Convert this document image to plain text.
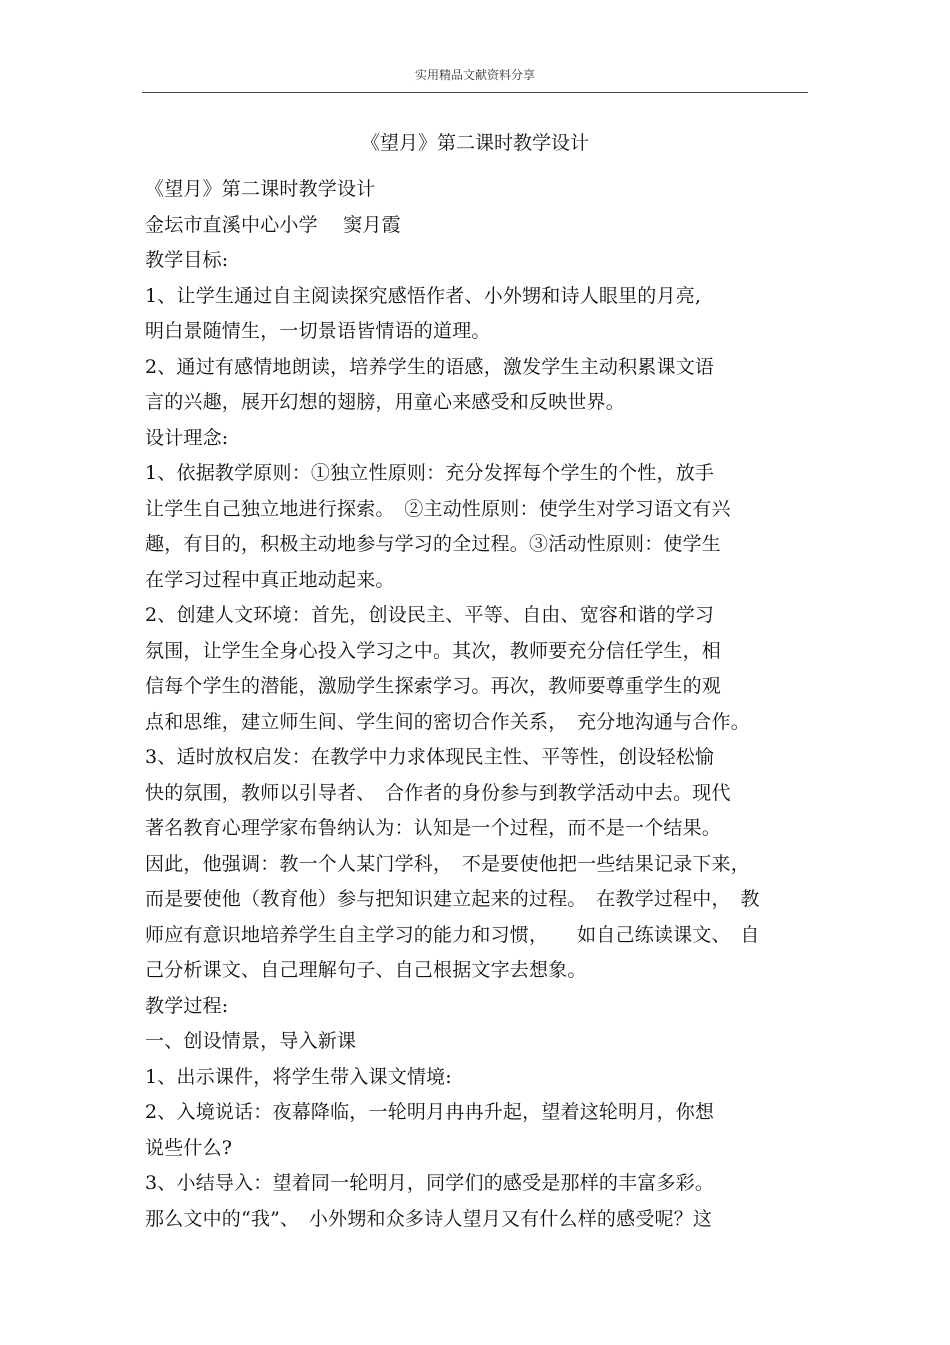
实用精品文献资料分享
《望月》第二课时教学设计
《望月》第二课时教学设计
金坛市直溪中心小学　 窦月霞
教学目标:
1、让学生通过自主阅读探究感悟作者、小外甥和诗人眼里的月亮,
明白景随情生，一切景语皆情语的道理。
2、通过有感情地朗读，培养学生的语感，激发学生主动积累课文语
言的兴趣，展开幻想的翅膀，用童心来感受和反映世界。
设计理念:
1、依据教学原则：①独立性原则：充分发挥每个学生的个性，放手
让学生自己独立地进行探索。　②主动性原则：使学生对学习语文有兴
趣，有目的，积极主动地参与学习的全过程。③活动性原则：使学生
在学习过程中真正地动起来。
2、创建人文环境：首先，创设民主、平等、自由、宽容和谐的学习
氛围，让学生全身心投入学习之中。其次，教师要充分信任学生，相
信每个学生的潜能，激励学生探索学习。再次，教师要尊重学生的观
点和思维，建立师生间、学生间的密切合作关系，　充分地沟通与合作。
3、适时放权启发：在教学中力求体现民主性、平等性，创设轻松愉
快的氛围，教师以引导者、　合作者的身份参与到教学活动中去。现代
著名教育心理学家布鲁纳认为：认知是一个过程，而不是一个结果。
因此，他强调：教一个人某门学科，　不是要使他把一些结果记录下来，
而是要使他（教育他）参与把知识建立起来的过程。　在教学过程中，　教
师应有意识地培养学生自主学习的能力和习惯，　　如自己练读课文、　自
己分析课文、自己理解句子、自己根据文字去想象。
教学过程:
一、创设情景，导入新课
1、出示课件，将学生带入课文情境:
2、入境说话：夜幕降临，一轮明月冉冉升起，望着这轮明月，你想
说些什么?
3、小结导入：望着同一轮明月，同学们的感受是那样的丰富多彩。
那么文中的“我”、　小外甥和众多诗人望月又有什么样的感受呢？这
